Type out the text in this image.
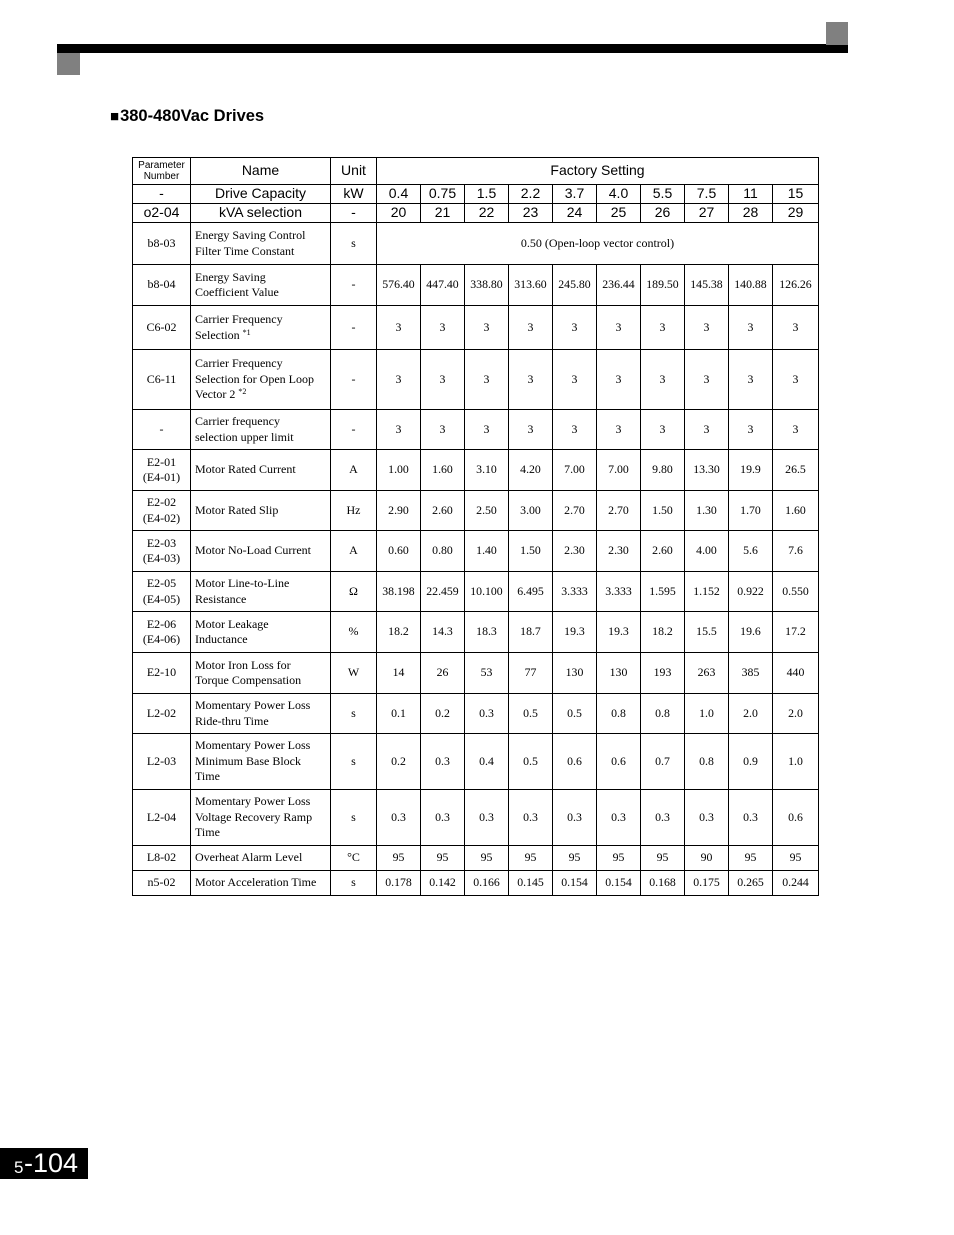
■380-480Vac Drives
Parameter
Number	Name	Unit	Factory Setting									
-	Drive Capacity	kW	0.4	0.75	1.5	2.2	3.7	4.0	5.5	7.5	11	15
o2-04	kVA selection	-	20	21	22	23	24	25	26	27	28	29
b8-03	Energy Saving Control
Filter Time Constant	s	0.50 (Open-loop vector control)									
b8-04	Energy Saving
Coefficient Value	-	576.40	447.40	338.80	313.60	245.80	236.44	189.50	145.38	140.88	126.26
C6-02	Carrier Frequency
Selection $^{*1}$	-	3	3	3	3	3	3	3	3	3	3
C6-11	Carrier Frequency
Selection for Open Loop
Vector 2 $^{*2}$	-	3	3	3	3	3	3	3	3	3	3
-	Carrier frequency
selection upper limit	-	3	3	3	3	3	3	3	3	3	3
E2-01
(E4-01)	Motor Rated Current	A	1.00	1.60	3.10	4.20	7.00	7.00	9.80	13.30	19.9	26.5
E2-02
(E4-02)	Motor Rated Slip	Hz	2.90	2.60	2.50	3.00	2.70	2.70	1.50	1.30	1.70	1.60
E2-03
(E4-03)	Motor No-Load Current	A	0.60	0.80	1.40	1.50	2.30	2.30	2.60	4.00	5.6	7.6
E2-05
(E4-05)	Motor Line-to-Line
Resistance	Ω	38.198	22.459	10.100	6.495	3.333	3.333	1.595	1.152	0.922	0.550
E2-06
(E4-06)	Motor Leakage
Inductance	%	18.2	14.3	18.3	18.7	19.3	19.3	18.2	15.5	19.6	17.2
E2-10	Motor Iron Loss for
Torque Compensation	W	14	26	53	77	130	130	193	263	385	440
L2-02	Momentary Power Loss
Ride-thru Time	s	0.1	0.2	0.3	0.5	0.5	0.8	0.8	1.0	2.0	2.0
L2-03	Momentary Power Loss
Minimum Base Block
Time	s	0.2	0.3	0.4	0.5	0.6	0.6	0.7	0.8	0.9	1.0
L2-04	Momentary Power Loss
Voltage Recovery Ramp
Time	s	0.3	0.3	0.3	0.3	0.3	0.3	0.3	0.3	0.3	0.6
L8-02	Overheat Alarm Level	°C	95	95	95	95	95	95	95	90	95	95
n5-02	Motor Acceleration Time	s	0.178	0.142	0.166	0.145	0.154	0.154	0.168	0.175	0.265	0.244
5 -104
